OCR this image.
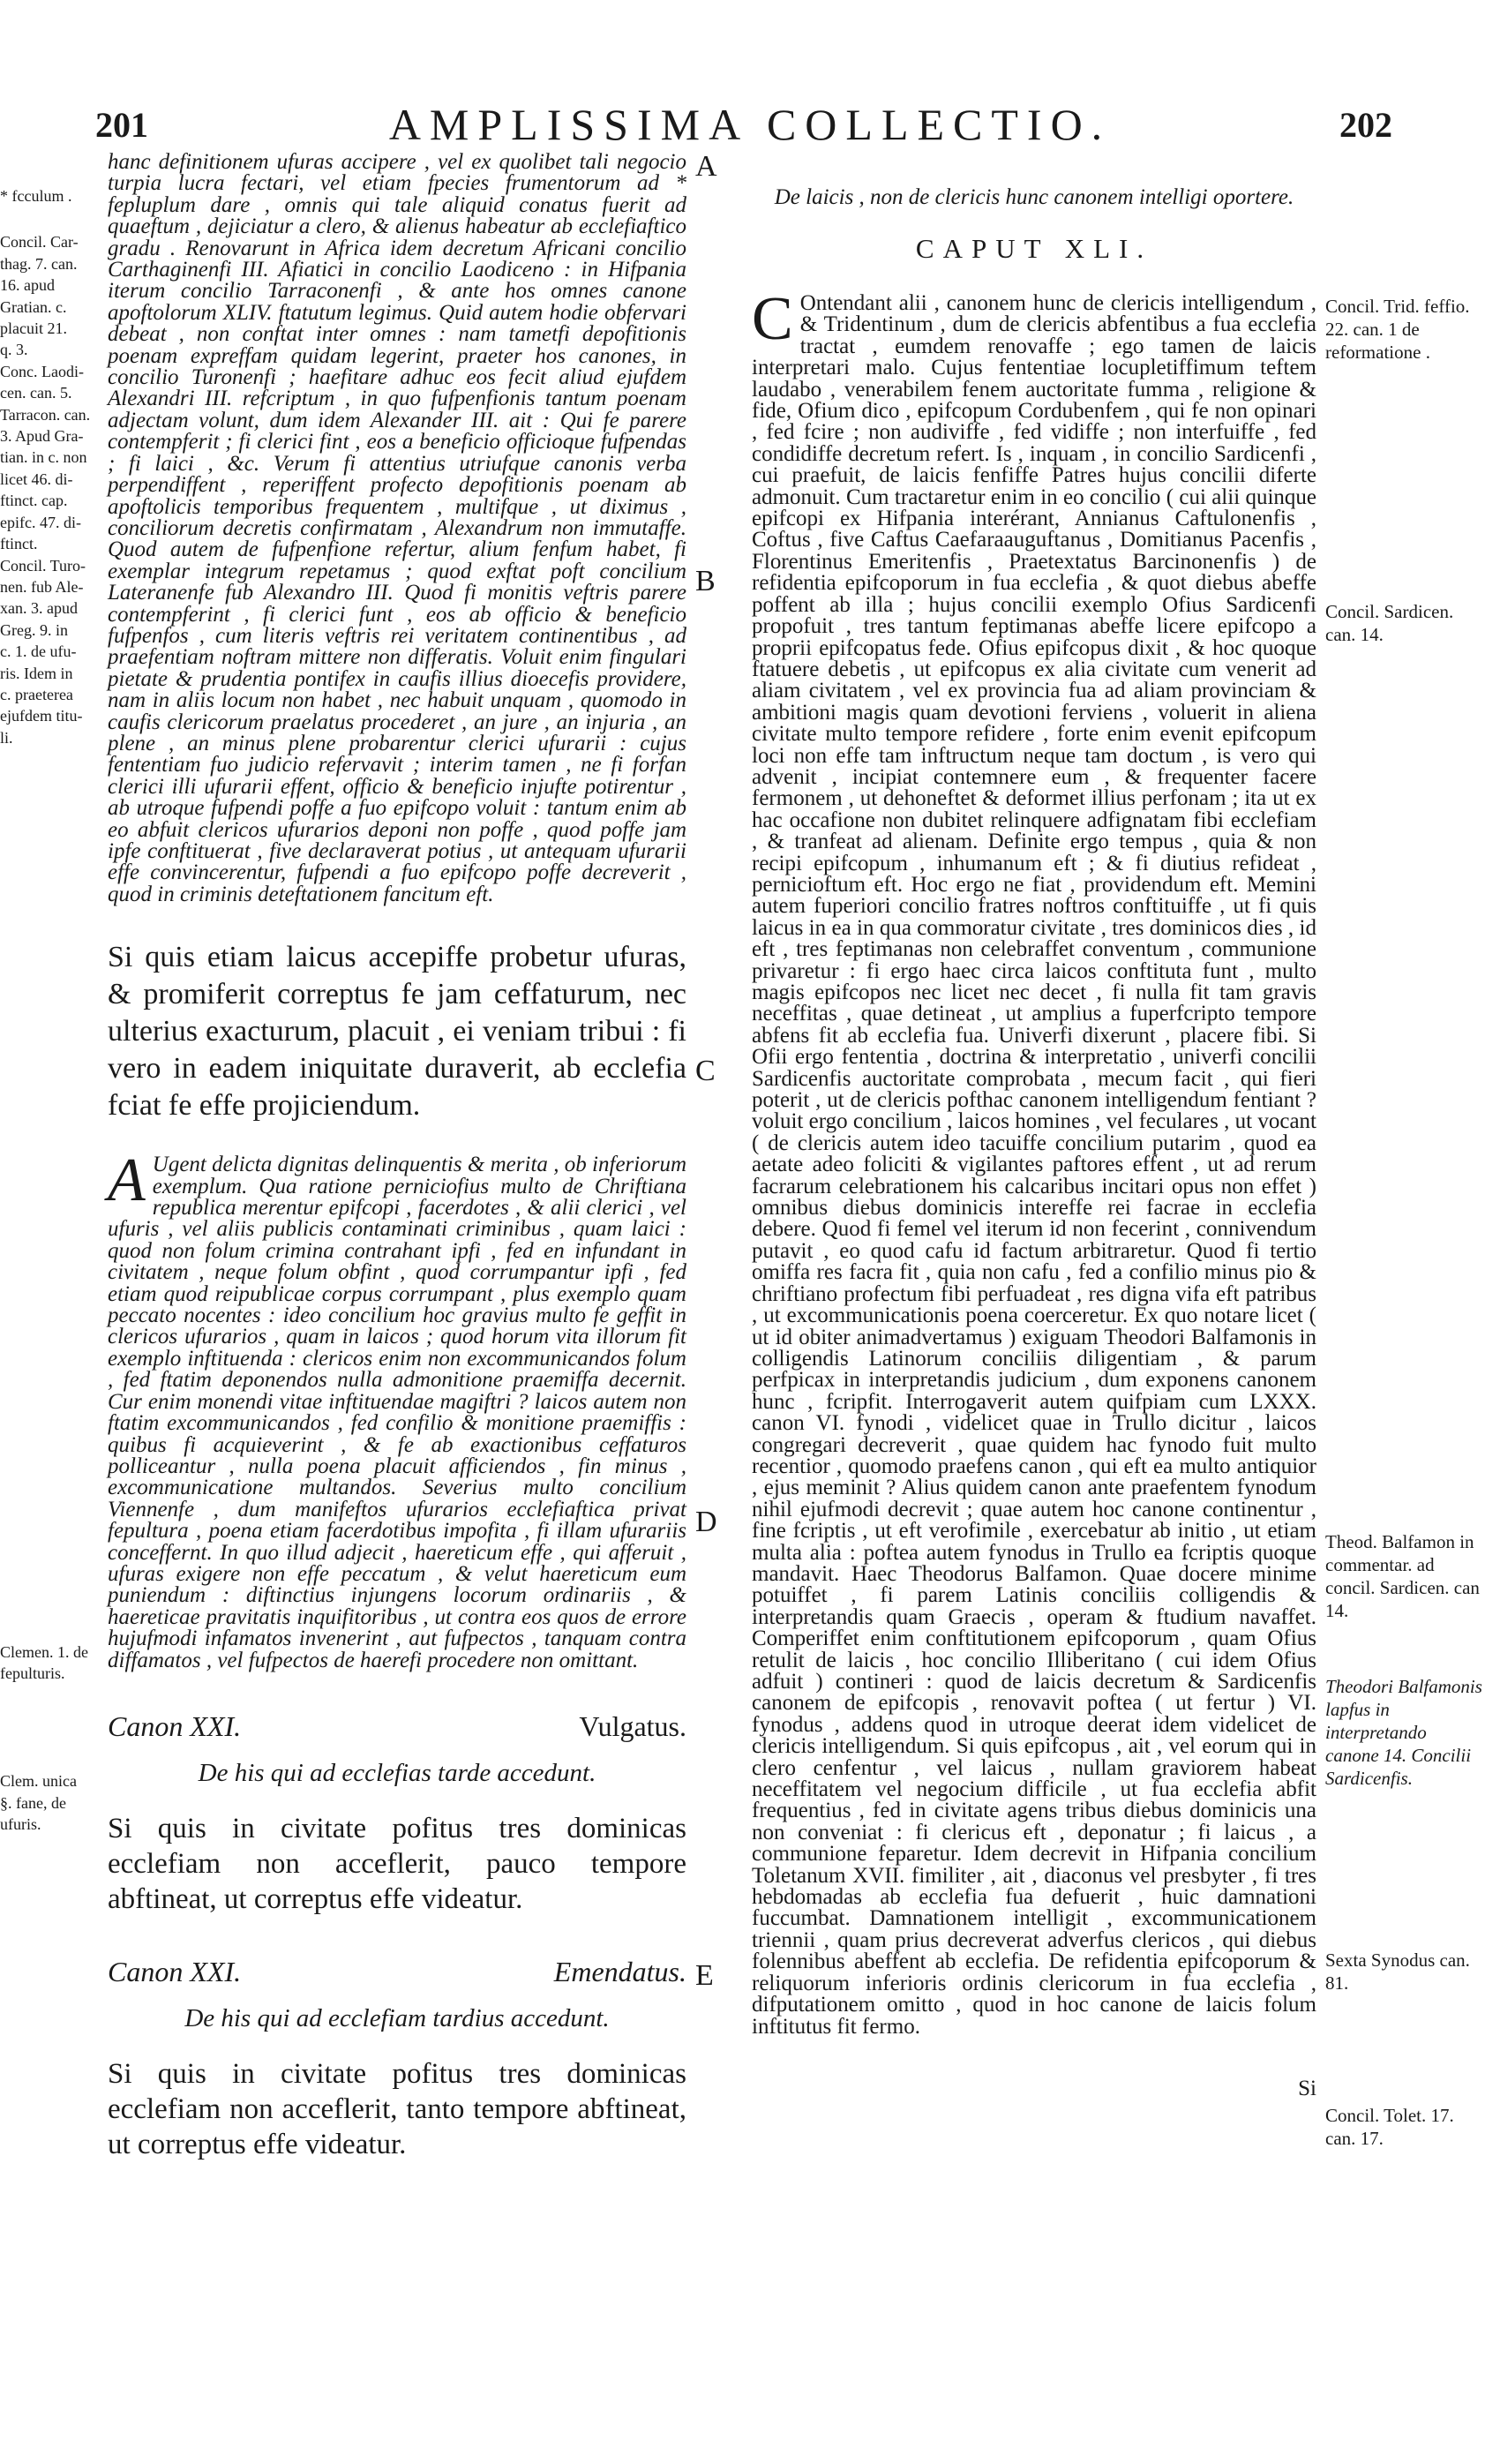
201	AMPLISSIMA COLLECTIO.	202
* fcculum .
Concil. Car-
thag. 7. can.
16. apud
Gratian. c.
placuit 21.
q. 3.
Conc. Laodi-
cen. can. 5.
Tarracon. can.
3. Apud Gra-
tian. in c. non
licet 46. di-
ftinct. cap.
epifc. 47. di-
ftinct.
Concil. Turo-
nen. fub Ale-
xan. 3. apud
Greg. 9. in
c. 1. de ufu-
ris. Idem in
c. praeterea
ejufdem titu-
li.
Clemen. 1. de
fepulturis.

Clem. unica
§. fane, de
ufuris.

hanc definitionem ufuras accipere , vel ex quolibet tali negocio turpia lucra fectari, vel etiam fpecies frumentorum ad * fepluplum dare , omnis qui tale aliquid conatus fuerit ad quaeftum , dejiciatur a clero, & alienus habeatur ab ecclefiaftico gradu . Renovarunt in Africa idem decretum Africani concilio Carthaginenfi III. Afiatici in concilio Laodiceno : in Hifpania iterum concilio Tarraconenfi , & ante hos omnes canone apoftolorum XLIV. ftatutum legimus. Quid autem hodie obfervari debeat , non conftat inter omnes : nam tametfi depofitionis poenam expreffam quidam legerint, praeter hos canones, in concilio Turonenfi ; haefitare adhuc eos fecit aliud ejufdem Alexandri III. refcriptum , in quo fufpenfionis tantum poenam adjectam volunt, dum idem Alexander III. ait : Qui fe parere contempferit ; fi clerici fint , eos a beneficio officioque fufpendas ; fi laici , &c. Verum fi attentius utriufque canonis verba perpendiffent , reperiffent profecto depofitionis poenam ab apoftolicis temporibus frequentem , multifque , ut diximus , conciliorum decretis confirmatam , Alexandrum non immutaffe. Quod autem de fufpenfione refertur, alium fenfum habet, fi exemplar integrum repetamus ; quod exftat poft concilium Lateranenfe fub Alexandro III. Quod fi monitis veftris parere contempferint , fi clerici funt , eos ab officio & beneficio fufpenfos , cum literis veftris rei veritatem continentibus , ad praefentiam noftram mittere non differatis. Voluit enim fingulari pietate & prudentia pontifex in caufis illius dioecefis providere, nam in aliis locum non habet , nec habuit unquam , quomodo in caufis clericorum praelatus procederet , an jure , an injuria , an plene , an minus plene probarentur clerici ufurarii : cujus fententiam fuo judicio refervavit ; interim tamen , ne fi forfan clerici illi ufurarii effent, officio & beneficio injufte potirentur , ab utroque fufpendi poffe a fuo epifcopo voluit : tantum enim ab eo abfuit clericos ufurarios deponi non poffe , quod poffe jam ipfe conftituerat , five declaraverat potius , ut antequam ufurarii effe convincerentur, fufpendi a fuo epifcopo poffe decreverit , quod in criminis deteftationem fancitum eft.

Si quis etiam laicus accepiffe probetur ufuras, & promiferit correptus fe jam ceffaturum, nec ulterius exacturum, placuit , ei veniam tribui : fi vero in eadem iniquitate duraverit, ab ecclefia fciat fe effe projiciendum.

A Ugent delicta dignitas delinquentis & merita , ob inferiorum exemplum. Qua ratione perniciofius multo de Chriftiana republica merentur epifcopi , facerdotes , & alii clerici , vel ufuris , vel aliis publicis contaminati criminibus , quam laici : quod non folum crimina contrahant ipfi , fed en infundant in civitatem , neque folum obfint , quod corrumpantur ipfi , fed etiam quod reipublicae corpus corrumpant , plus exemplo quam peccato nocentes : ideo concilium hoc gravius multo fe geffit in clericos ufurarios , quam in laicos ; quod horum vita illorum fit exemplo inftituenda : clericos enim non excommunicandos folum , fed ftatim deponendos nulla admonitione praemiffa decernit. Cur enim monendi vitae inftituendae magiftri ? laicos autem non ftatim excommunicandos , fed confilio & monitione praemiffis : quibus fi acquieverint , & fe ab exactionibus ceffaturos polliceantur , nulla poena placuit afficiendos , fin minus , excommunicatione multandos. Severius multo concilium Viennenfe , dum manifeftos ufurarios ecclefiaftica privat fepultura , poena etiam facerdotibus impofita , fi illam ufurariis conceffernt. In quo illud adjecit , haereticum effe , qui afferuit , ufuras exigere non effe peccatum , & velut haereticum eum puniendum : diftinctius injungens locorum ordinariis , & haereticae pravitatis inquifitoribus , ut contra eos quos de errore hujufmodi infamatos invenerint , aut fufpectos , tanquam contra diffamatos , vel fufpectos de haerefi procedere non omittant.

Canon XXI.	Vulgatus.
De his qui ad ecclefias tarde accedunt.

Si quis in civitate pofitus tres dominicas ecclefiam non acceflerit, pauco tempore abftineat, ut correptus effe videatur.

Canon XXI.	Emendatus.
De his qui ad ecclefiam tardius accedunt.

Si quis in civitate pofitus tres dominicas ecclefiam non acceflerit, tanto tempore abftineat, ut correptus effe videatur.

A
B
C
D
E
De laicis , non de clericis hunc canonem intelligi oportere.
CAPUT XLI.

C Ontendant alii , canonem hunc de clericis intelligendum , & Tridentinum , dum de clericis abfentibus a fua ecclefia tractat , eumdem renovaffe ; ego tamen de laicis interpretari malo. Cujus fententiae locupletiffimum teftem laudabo , venerabilem fenem auctoritate fumma , religione & fide, Ofium dico , epifcopum Cordubenfem , qui fe non opinari , fed fcire ; non audiviffe , fed vidiffe ; non interfuiffe , fed condidiffe decretum refert. Is , inquam , in concilio Sardicenfi , cui praefuit, de laicis fenfiffe Patres hujus concilii diferte admonuit. Cum tractaretur enim in eo concilio ( cui alii quinque epifcopi ex Hifpania interérant, Annianus Caftulonenfis , Coftus , five Caftus Caefaraauguftanus , Domitianus Pacenfis , Florentinus Emeritenfis , Praetextatus Barcinonenfis ) de refidentia epifcoporum in fua ecclefia , & quot diebus abeffe poffent ab illa ; hujus concilii exemplo Ofius Sardicenfi propofuit , tres tantum feptimanas abeffe licere epifcopo a proprii epifcopatus fede. Ofius epifcopus dixit , & hoc quoque ftatuere debetis , ut epifcopus ex alia civitate cum venerit ad aliam civitatem , vel ex provincia fua ad aliam provinciam & ambitioni magis quam devotioni ferviens , voluerit in aliena civitate multo tempore refidere , forte enim evenit epifcopum loci non effe tam inftructum neque tam doctum , is vero qui advenit , incipiat contemnere eum , & frequenter facere fermonem , ut dehoneftet & deformet illius perfonam ; ita ut ex hac occafione non dubitet relinquere adfignatam fibi ecclefiam , & tranfeat ad alienam. Definite ergo tempus , quia & non recipi epifcopum , inhumanum eft ; & fi diutius refideat , pernicioftum eft. Hoc ergo ne fiat , providendum eft. Memini autem fuperiori concilio fratres noftros conftituiffe , ut fi quis laicus in ea in qua commoratur civitate , tres dominicos dies , id eft , tres feptimanas non celebraffet conventum , communione privaretur : fi ergo haec circa laicos conftituta funt , multo magis epifcopos nec licet nec decet , fi nulla fit tam gravis neceffitas , quae detineat , ut amplius a fuperfcripto tempore abfens fit ab ecclefia fua. Univerfi dixerunt , placere fibi. Si Ofii ergo fententia , doctrina & interpretatio , univerfi concilii Sardicenfis auctoritate comprobata , mecum facit , qui fieri poterit , ut de clericis pofthac canonem intelligendum fentiant ? voluit ergo concilium , laicos homines , vel feculares , ut vocant ( de clericis autem ideo tacuiffe concilium putarim , quod ea aetate adeo foliciti & vigilantes paftores effent , ut ad rerum facrarum celebrationem his calcaribus incitari opus non effet ) omnibus diebus dominicis intereffe rei facrae in ecclefia debere. Quod fi femel vel iterum id non fecerint , connivendum putavit , eo quod cafu id factum arbitraretur. Quod fi tertio omiffa res facra fit , quia non cafu , fed a confilio minus pio & chriftiano profectum fibi perfuadeat , res digna vifa eft patribus , ut excommunicationis poena coerceretur. Ex quo notare licet ( ut id obiter animadvertamus ) exiguam Theodori Balfamonis in colligendis Latinorum conciliis diligentiam , & parum perfpicax in interpretandis judicium , dum exponens canonem hunc , fcripfit. Interrogaverit autem quifpiam cum LXXX. canon VI. fynodi , videlicet quae in Trullo dicitur , laicos congregari decreverit , quae quidem hac fynodo fuit multo recentior , quomodo praefens canon , qui eft ea multo antiquior , ejus meminit ? Alius quidem canon ante praefentem fynodum nihil ejufmodi decrevit ; quae autem hoc canone continentur , fine fcriptis , ut eft verofimile , exercebatur ab initio , ut etiam multa alia : poftea autem fynodus in Trullo ea fcriptis quoque mandavit. Haec Theodorus Balfamon. Quae docere minime potuiffet , fi parem Latinis conciliis colligendis & interpretandis quam Graecis , operam & ftudium navaffet. Comperiffet enim conftitutionem epifcoporum , quam Ofius retulit de laicis , hoc concilio Illiberitano ( cui idem Ofius adfuit ) contineri : quod de laicis decretum & Sardicenfis canonem de epifcopis , renovavit poftea ( ut fertur ) VI. fynodus , addens quod in utroque deerat idem videlicet de clericis intelligendum. Si quis epifcopus , ait , vel eorum qui in clero cenfentur , vel laicus , nullam graviorem habeat neceffitatem vel negocium difficile , ut fua ecclefia abfit frequentius , fed in civitate agens tribus diebus dominicis una non conveniat : fi clericus eft , deponatur ; fi laicus , a communione feparetur. Idem decrevit in Hifpania concilium Toletanum XVII. fimiliter , ait , diaconus vel presbyter , fi tres hebdomadas ab ecclefia fua defuerit , huic damnationi fuccumbat. Damnationem intelligit , excommunicationem triennii , quam prius decreverat adverfus clericos , qui diebus folennibus abeffent ab ecclefia. De refidentia epifcoporum & reliquorum inferioris ordinis clericorum in fua ecclefia , difputationem omitto , quod in hoc canone de laicis folum inftitutus fit fermo.

Si
Concil. Trid. feffio. 22. can. 1 de reformatione .
Concil. Sardicen. can. 14.
Theod. Balfamon in commentar. ad concil. Sardicen. can 14.
Theodori Balfamonis lapfus in interpretando canone 14. Concilii Sardicenfis.
Sexta Synodus can. 81.
Concil. Tolet. 17. can. 17.
